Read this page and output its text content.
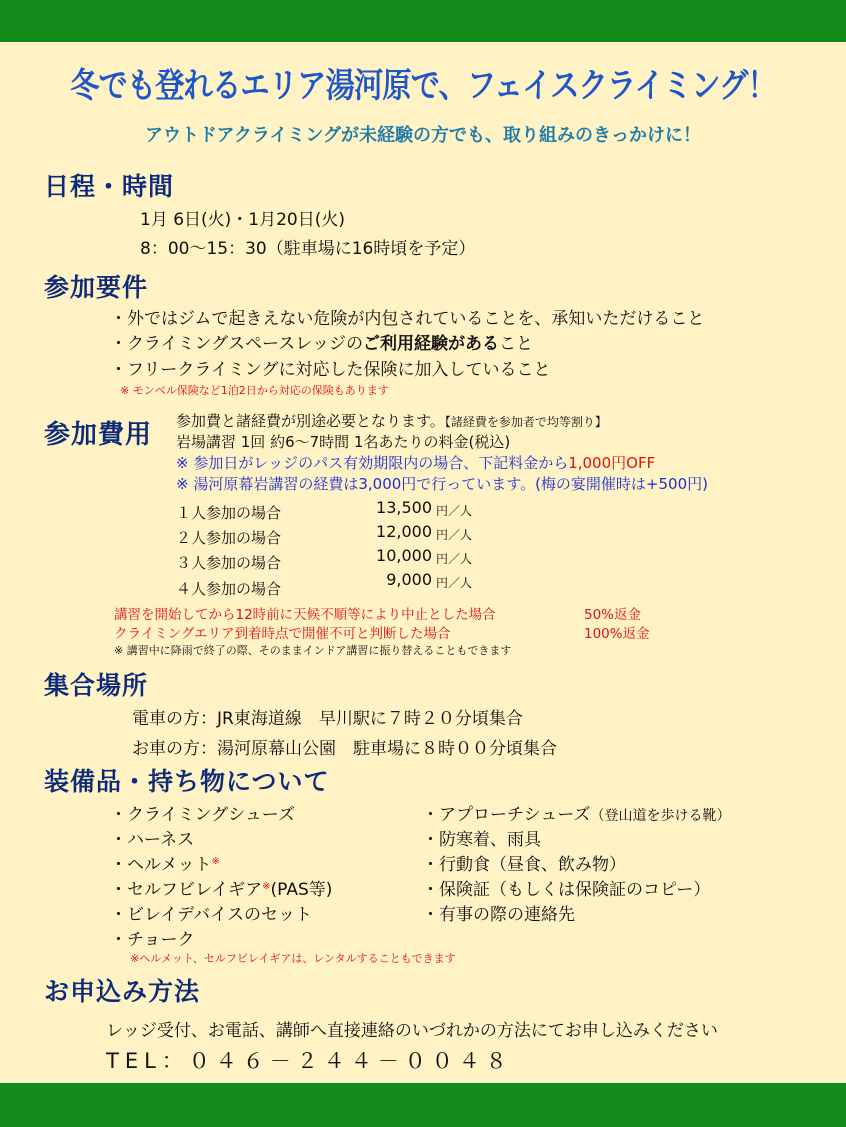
冬でも登れるエリア湯河原で、フェイスクライミング！
アウトドアクライミングが未経験の方でも、取り組みのきっかけに！
日程・時間
1月 6日(火)・1月20日(火)
8：00～15：30（駐車場に16時頃を予定）
参加要件
・外ではジムで起きえない危険が内包されていることを、承知いただけること
・クライミングスペースレッジのご利用経験があること
・フリークライミングに対応した保険に加入していること
※ モンベル保険など1泊2日から対応の保険もあります
参加費用 参加費と諸経費が別途必要となります。【諸経費を参加者で均等割り】
岩場講習 1回 約6～7時間 1名あたりの料金(税込)
※ 参加日がレッジのパス有効期限内の場合、下記料金から1,000円OFF
※ 湯河原幕岩講習の経費は3,000円で行っています。(梅の宴開催時は+500円)
１人参加の場合	13,500 円／人
２人参加の場合	12,000 円／人
３人参加の場合	10,000 円／人
４人参加の場合	9,000 円／人
講習を開始してから12時前に天候不順等により中止とした場合	50%返金
クライミングエリア到着時点で開催不可と判断した場合	100%返金
※ 講習中に降雨で終了の際、そのままインドア講習に振り替えることもできます
集合場所
電車の方：JR東海道線　早川駅に７時２０分頃集合
お車の方：湯河原幕山公園　駐車場に８時００分頃集合
装備品・持ち物について
・クライミングシューズ
・ハーネス
・ヘルメット※
・セルフビレイギア※(PAS等)
・ビレイデバイスのセット
・チョーク
・アプローチシューズ（登山道を歩ける靴）
・防寒着、雨具
・行動食（昼食、飲み物）
・保険証（もしくは保険証のコピー）
・有事の際の連絡先
※ヘルメット、セルフビレイギアは、レンタルすることもできます
お申込み方法
レッジ受付、お電話、講師へ直接連絡のいづれかの方法にてお申し込みください
TEL：０４６－２４４－００４８
